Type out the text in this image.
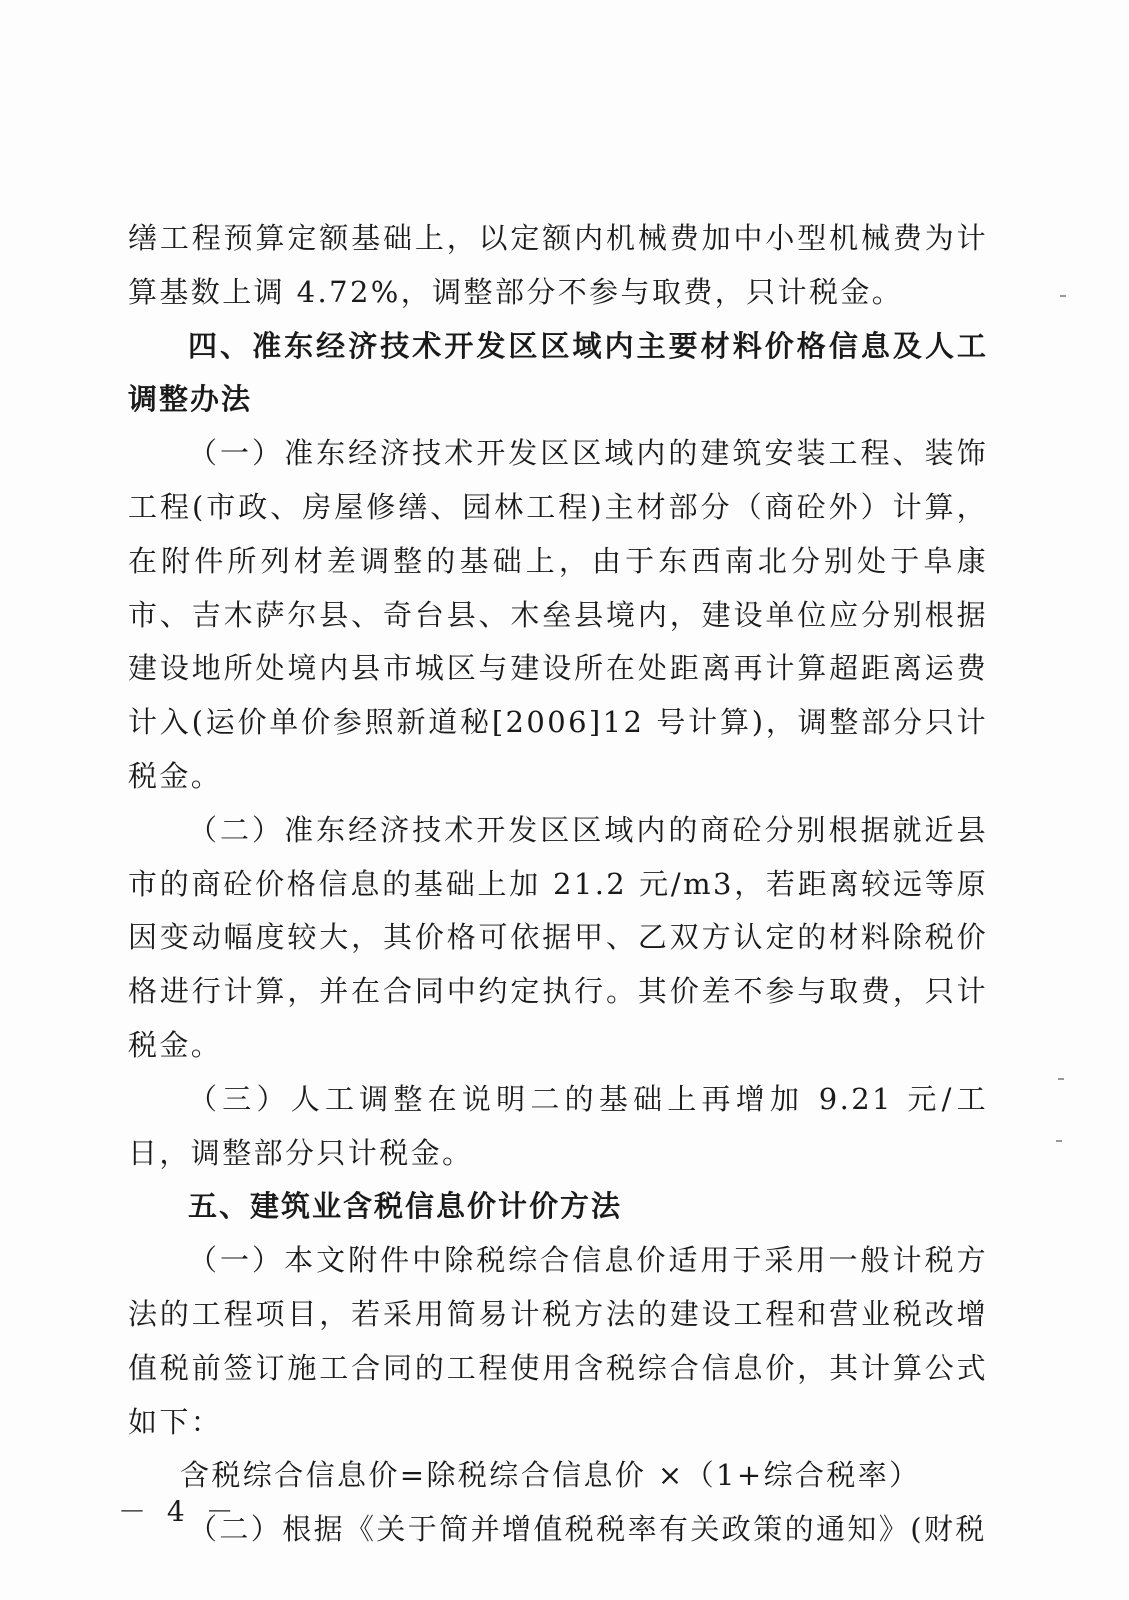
缮工程预算定额基础上，以定额内机械费加中小型机械费为计算基数上调 4.72%，调整部分不参与取费，只计税金。

四、准东经济技术开发区区域内主要材料价格信息及人工调整办法

（一）准东经济技术开发区区域内的建筑安装工程、装饰工程(市政、房屋修缮、园林工程)主材部分（商砼外）计算，在附件所列材差调整的基础上，由于东西南北分别处于阜康市、吉木萨尔县、奇台县、木垒县境内，建设单位应分别根据建设地所处境内县市城区与建设所在处距离再计算超距离运费计入(运价单价参照新道秘[2006]12 号计算)，调整部分只计税金。

（二）准东经济技术开发区区域内的商砼分别根据就近县市的商砼价格信息的基础上加 21.2 元/m3，若距离较远等原因变动幅度较大，其价格可依据甲、乙双方认定的材料除税价格进行计算，并在合同中约定执行。其价差不参与取费，只计税金。

（三）人工调整在说明二的基础上再增加 9.21 元/工日，调整部分只计税金。

五、建筑业含税信息价计价方法

（一）本文附件中除税综合信息价适用于采用一般计税方法的工程项目，若采用简易计税方法的建设工程和营业税改增值税前签订施工合同的工程使用含税综合信息价，其计算公式如下：

含税综合信息价=除税综合信息价 ×（1+综合税率）

（二）根据《关于简并增值税税率有关政策的通知》(财税

－ 4 －
